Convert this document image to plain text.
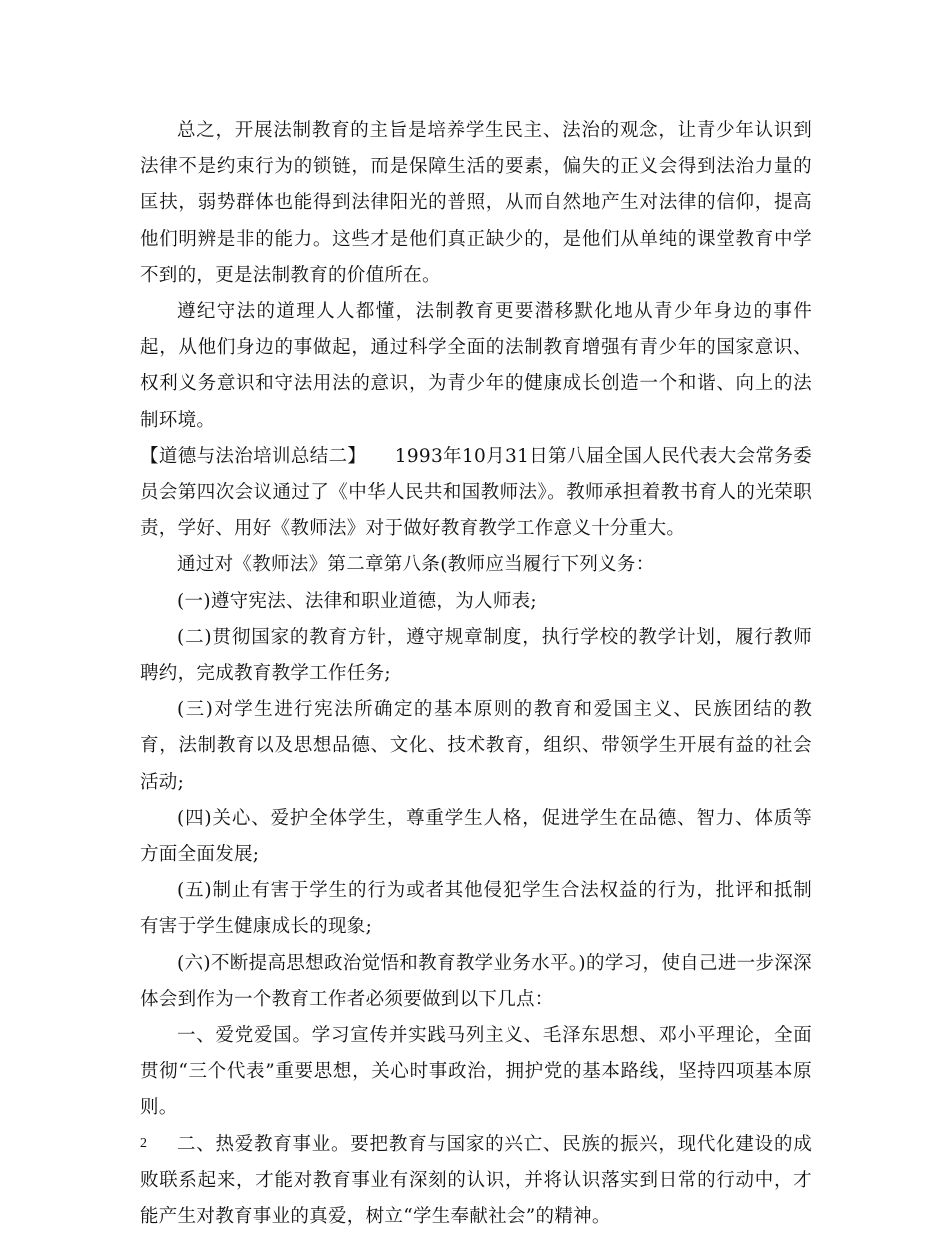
总之，开展法制教育的主旨是培养学生民主、法治的观念，让青少年认识到法律不是约束行为的锁链，而是保障生活的要素，偏失的正义会得到法治力量的匡扶，弱势群体也能得到法律阳光的普照，从而自然地产生对法律的信仰，提高他们明辨是非的能力。这些才是他们真正缺少的，是他们从单纯的课堂教育中学不到的，更是法制教育的价值所在。

遵纪守法的道理人人都懂，法制教育更要潜移默化地从青少年身边的事件起，从他们身边的事做起，通过科学全面的法制教育增强有青少年的国家意识、权利义务意识和守法用法的意识，为青少年的健康成长创造一个和谐、向上的法制环境。

【道德与法治培训总结二】　　1993年10月31日第八届全国人民代表大会常务委员会第四次会议通过了《中华人民共和国教师法》。教师承担着教书育人的光荣职责，学好、用好《教师法》对于做好教育教学工作意义十分重大。

通过对《教师法》第二章第八条(教师应当履行下列义务：

(一)遵守宪法、法律和职业道德，为人师表;

(二)贯彻国家的教育方针，遵守规章制度，执行学校的教学计划，履行教师聘约，完成教育教学工作任务;

(三)对学生进行宪法所确定的基本原则的教育和爱国主义、民族团结的教育，法制教育以及思想品德、文化、技术教育，组织、带领学生开展有益的社会活动;

(四)关心、爱护全体学生，尊重学生人格，促进学生在品德、智力、体质等方面全面发展;

(五)制止有害于学生的行为或者其他侵犯学生合法权益的行为，批评和抵制有害于学生健康成长的现象;

(六)不断提高思想政治觉悟和教育教学业务水平。)的学习，使自己进一步深深体会到作为一个教育工作者必须要做到以下几点：

一、爱党爱国。学习宣传并实践马列主义、毛泽东思想、邓小平理论，全面贯彻“三个代表”重要思想，关心时事政治，拥护党的基本路线，坚持四项基本原则。

二、热爱教育事业。要把教育与国家的兴亡、民族的振兴，现代化建设的成败联系起来，才能对教育事业有深刻的认识，并将认识落实到日常的行动中，才能产生对教育事业的真爱，树立“学生奉献社会”的精神。

2
